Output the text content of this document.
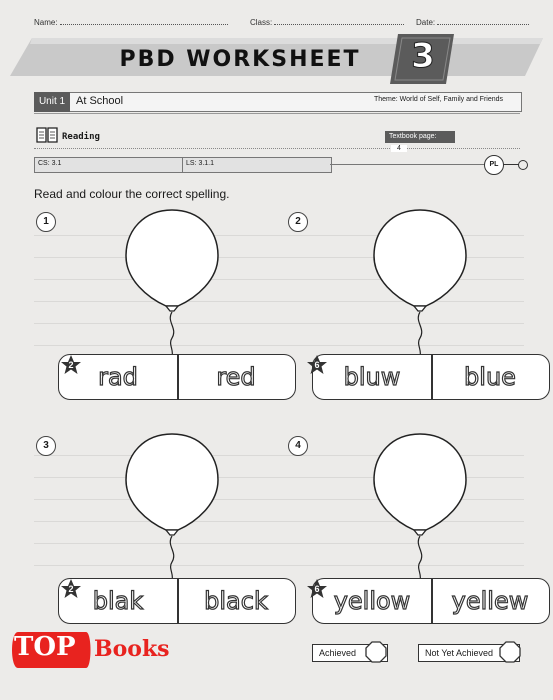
Name:	Class:	Date:
PBD WORKSHEET	3
Unit 1 At School	Theme: World of Self, Family and Friends
Reading	Textbook page: 4
CS: 3.1	LS: 3.1.1	PL
Read and colour the correct spelling.
1
rad	red
2
2
bluw	blue
6
3
blak	black
2
4
yellow	yellew
6
Achieved	Not Yet Achieved
TOP Books
